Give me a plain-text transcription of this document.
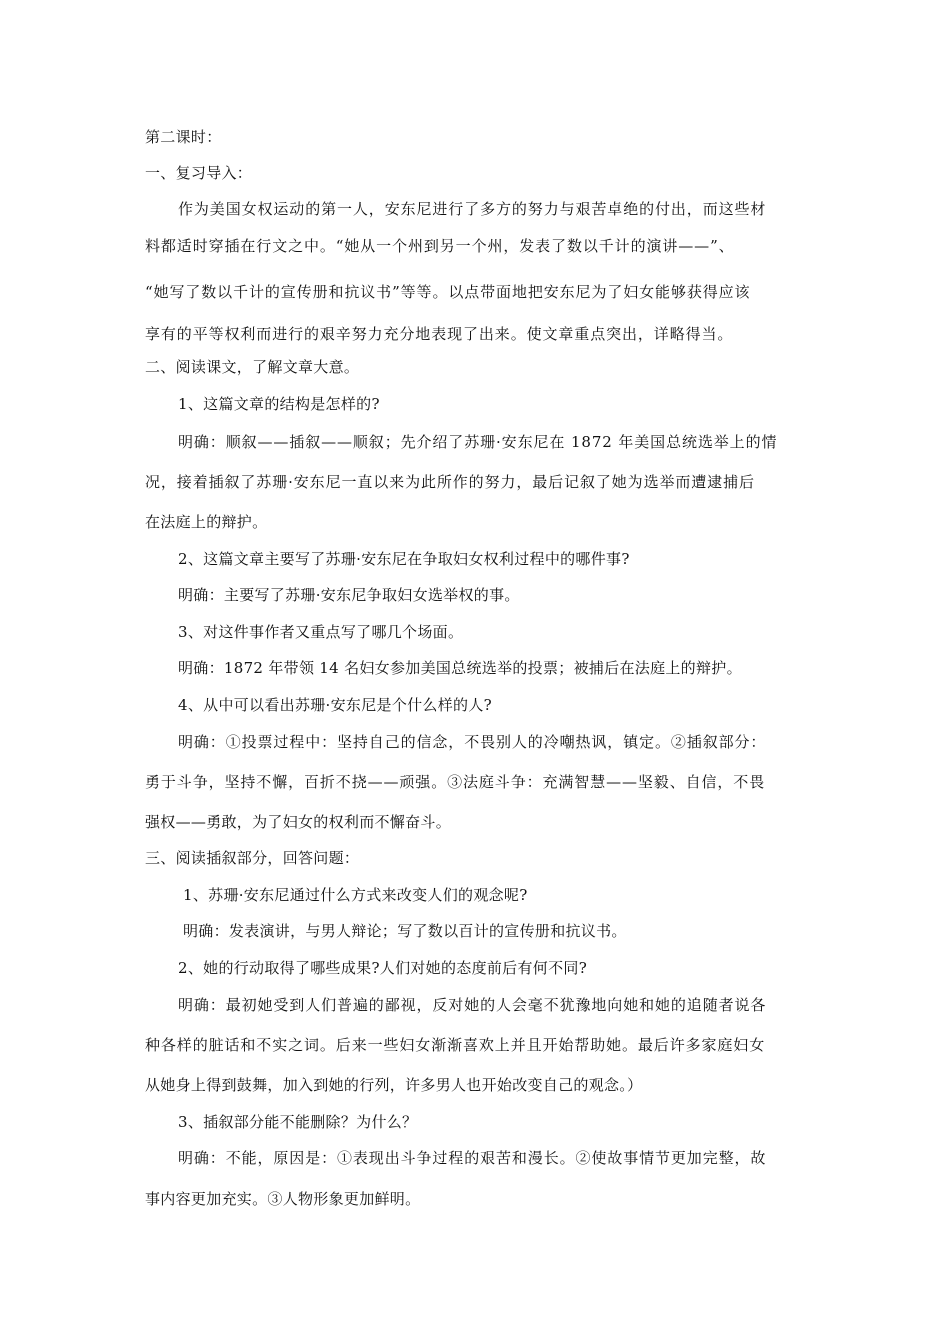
第二课时：
一、复习导入：
作为美国女权运动的第一人，安东尼进行了多方的努力与艰苦卓绝的付出，而这些材
料都适时穿插在行文之中。“她从一个州到另一个州，发表了数以千计的演讲——”、
“她写了数以千计的宣传册和抗议书”等等。以点带面地把安东尼为了妇女能够获得应该
享有的平等权利而进行的艰辛努力充分地表现了出来。使文章重点突出，详略得当。
二、阅读课文，了解文章大意。
1、这篇文章的结构是怎样的?
明确：顺叙——插叙——顺叙；先介绍了苏珊·安东尼在 1872 年美国总统选举上的情
况，接着插叙了苏珊·安东尼一直以来为此所作的努力，最后记叙了她为选举而遭逮捕后
在法庭上的辩护。
2、这篇文章主要写了苏珊·安东尼在争取妇女权利过程中的哪件事?
明确：主要写了苏珊·安东尼争取妇女选举权的事。
3、对这件事作者又重点写了哪几个场面。
明确：1872 年带领 14 名妇女参加美国总统选举的投票；被捕后在法庭上的辩护。
4、从中可以看出苏珊·安东尼是个什么样的人?
明确：①投票过程中：坚持自己的信念，不畏别人的冷嘲热讽，镇定。②插叙部分：
勇于斗争，坚持不懈，百折不挠——顽强。③法庭斗争：充满智慧——坚毅、自信，不畏
强权——勇敢，为了妇女的权利而不懈奋斗。
三、阅读插叙部分，回答问题：
1、苏珊·安东尼通过什么方式来改变人们的观念呢?
明确：发表演讲，与男人辩论；写了数以百计的宣传册和抗议书。
2、她的行动取得了哪些成果?人们对她的态度前后有何不同?
明确：最初她受到人们普遍的鄙视，反对她的人会毫不犹豫地向她和她的追随者说各
种各样的脏话和不实之词。后来一些妇女渐渐喜欢上并且开始帮助她。最后许多家庭妇女
从她身上得到鼓舞，加入到她的行列，许多男人也开始改变自己的观念。）
3、插叙部分能不能删除？为什么？
明确：不能，原因是：①表现出斗争过程的艰苦和漫长。②使故事情节更加完整，故
事内容更加充实。③人物形象更加鲜明。
